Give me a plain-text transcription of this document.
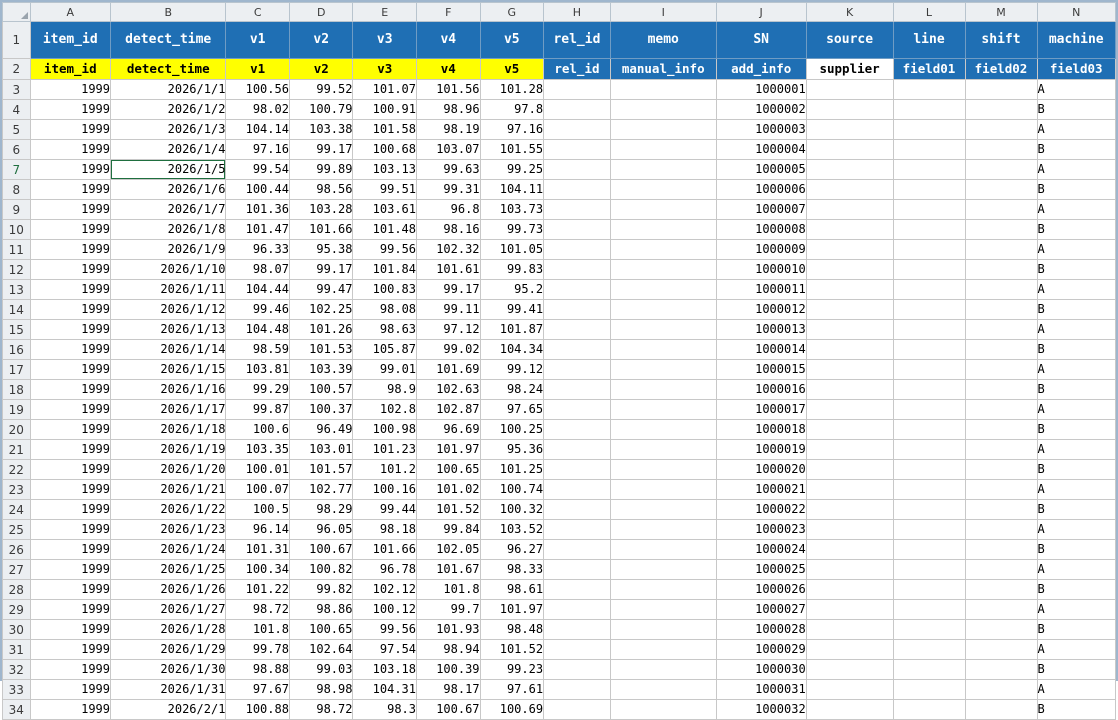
	A	B	C	D	E	F	G	H	I	J	K	L	M	N
1	item_id	detect_time	v1	v2	v3	v4	v5	rel_id	memo	SN	source	line	shift	machine
2	item_id	detect_time	v1	v2	v3	v4	v5	rel_id	manual_info	add_info	supplier	field01	field02	field03
3	1999	2026/1/1	100.56	99.52	101.07	101.56	101.28			1000001				A
4	1999	2026/1/2	98.02	100.79	100.91	98.96	97.8			1000002				B
5	1999	2026/1/3	104.14	103.38	101.58	98.19	97.16			1000003				A
6	1999	2026/1/4	97.16	99.17	100.68	103.07	101.55			1000004				B
7	1999	2026/1/5	99.54	99.89	103.13	99.63	99.25			1000005				A
8	1999	2026/1/6	100.44	98.56	99.51	99.31	104.11			1000006				B
9	1999	2026/1/7	101.36	103.28	103.61	96.8	103.73			1000007				A
10	1999	2026/1/8	101.47	101.66	101.48	98.16	99.73			1000008				B
11	1999	2026/1/9	96.33	95.38	99.56	102.32	101.05			1000009				A
12	1999	2026/1/10	98.07	99.17	101.84	101.61	99.83			1000010				B
13	1999	2026/1/11	104.44	99.47	100.83	99.17	95.2			1000011				A
14	1999	2026/1/12	99.46	102.25	98.08	99.11	99.41			1000012				B
15	1999	2026/1/13	104.48	101.26	98.63	97.12	101.87			1000013				A
16	1999	2026/1/14	98.59	101.53	105.87	99.02	104.34			1000014				B
17	1999	2026/1/15	103.81	103.39	99.01	101.69	99.12			1000015				A
18	1999	2026/1/16	99.29	100.57	98.9	102.63	98.24			1000016				B
19	1999	2026/1/17	99.87	100.37	102.8	102.87	97.65			1000017				A
20	1999	2026/1/18	100.6	96.49	100.98	96.69	100.25			1000018				B
21	1999	2026/1/19	103.35	103.01	101.23	101.97	95.36			1000019				A
22	1999	2026/1/20	100.01	101.57	101.2	100.65	101.25			1000020				B
23	1999	2026/1/21	100.07	102.77	100.16	101.02	100.74			1000021				A
24	1999	2026/1/22	100.5	98.29	99.44	101.52	100.32			1000022				B
25	1999	2026/1/23	96.14	96.05	98.18	99.84	103.52			1000023				A
26	1999	2026/1/24	101.31	100.67	101.66	102.05	96.27			1000024				B
27	1999	2026/1/25	100.34	100.82	96.78	101.67	98.33			1000025				A
28	1999	2026/1/26	101.22	99.82	102.12	101.8	98.61			1000026				B
29	1999	2026/1/27	98.72	98.86	100.12	99.7	101.97			1000027				A
30	1999	2026/1/28	101.8	100.65	99.56	101.93	98.48			1000028				B
31	1999	2026/1/29	99.78	102.64	97.54	98.94	101.52			1000029				A
32	1999	2026/1/30	98.88	99.03	103.18	100.39	99.23			1000030				B
33	1999	2026/1/31	97.67	98.98	104.31	98.17	97.61			1000031				A
34	1999	2026/2/1	100.88	98.72	98.3	100.67	100.69			1000032				B
